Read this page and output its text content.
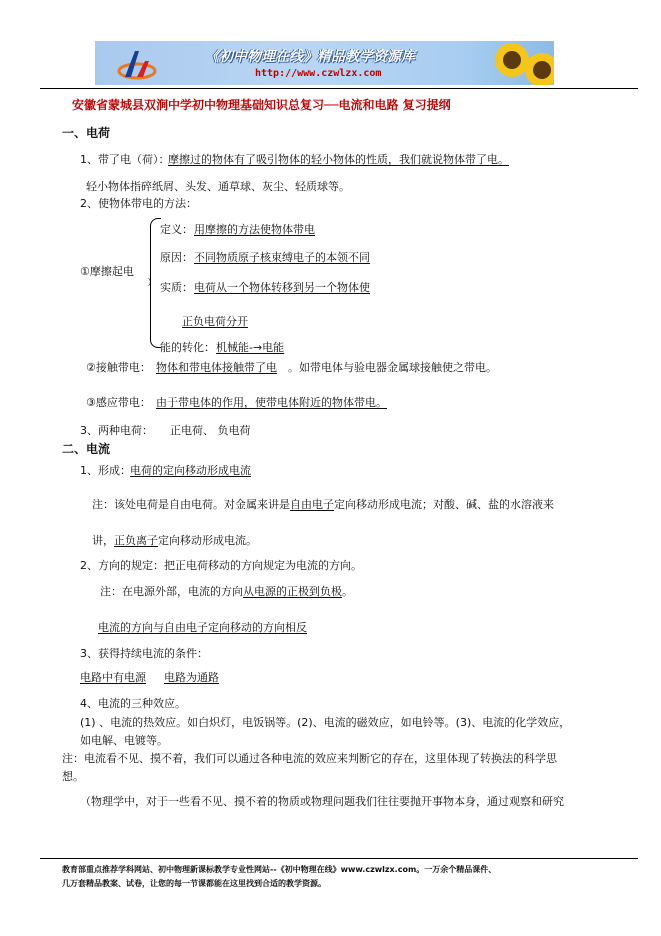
《初中物理在线》精品教学资源库
http://www.czwlzx.com
安徽省蒙城县双涧中学初中物理基础知识总复习──电流和电路 复习提纲
一、电荷
1、带了电（荷）：
摩擦过的物体有了吸引物体的轻小物体的性质，我们就说物体带了电。
轻小物体指碎纸屑、头发、通草球、灰尘、轻质球等。
2、使物体带电的方法：
①摩擦起电
定义： 用摩擦的方法使物体带电
原因： 不同物质原子核束缚电子的本领不同
实质： 电荷从一个物体转移到另一个物体使
正负电荷分开
能的转化： 机械能-→电能
②接触带电： 物体和带电体接触带了电 。如带电体与验电器金属球接触使之带电。
③感应带电： 由于带电体的作用，使带电体附近的物体带电。
3、两种电荷： 正电荷、 负电荷
二、电流
1、形成： 电荷的定向移动形成电流
注：该处电荷是自由电荷。对金属来讲是自由电子定向移动形成电流；对酸、碱、盐的水溶液来
讲，正负离子定向移动形成电流。
2、方向的规定：把正电荷移动的方向规定为电流的方向。
注：在电源外部，电流的方向从电源的正极到负极。
电流的方向与自由电子定向移动的方向相反
3、获得持续电流的条件：
电路中有电源 电路为通路
4、电流的三种效应。
(1) 、电流的热效应。如白炽灯，电饭锅等。(2)、电流的磁效应，如电铃等。(3)、电流的化学效应，
如电解、电镀等。
注：电流看不见、摸不着，我们可以通过各种电流的效应来判断它的存在，这里体现了转换法的科学思
想。
（物理学中，对于一些看不见、摸不着的物质或物理问题我们往往要抛开事物本身，通过观察和研究
教育部重点推荐学科网站、初中物理新课标教学专业性网站--《初中物理在线》www.czwlzx.com。一万余个精品课件、
几万套精品教案、试卷，让您的每一节课都能在这里找到合适的教学资源。
